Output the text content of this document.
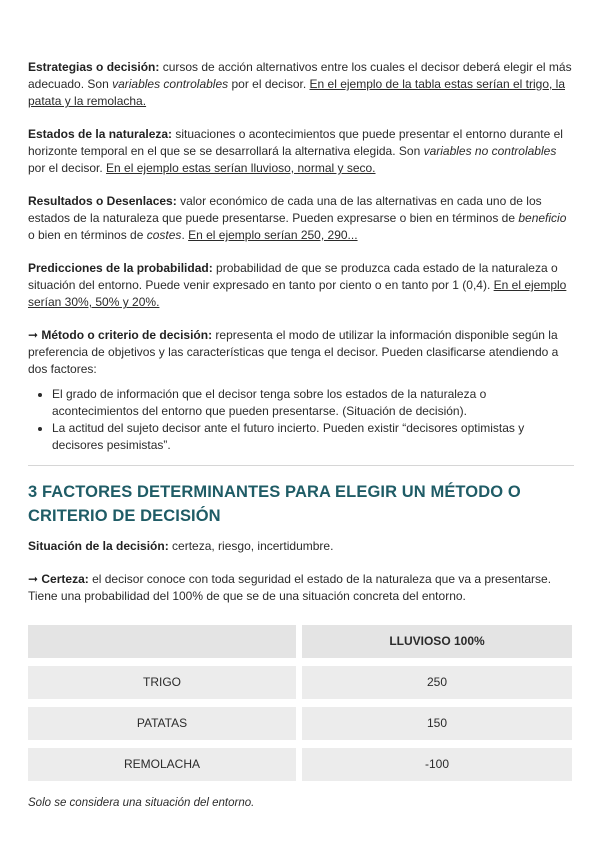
Estrategias o decisión: cursos de acción alternativos entre los cuales el decisor deberá elegir el más adecuado. Son variables controlables por el decisor. En el ejemplo de la tabla estas serían el trigo, la patata y la remolacha.

Estados de la naturaleza: situaciones o acontecimientos que puede presentar el entorno durante el horizonte temporal en el que se se desarrollará la alternativa elegida. Son variables no controlables por el decisor. En el ejemplo estas serían lluvioso, normal y seco.

Resultados o Desenlaces: valor económico de cada una de las alternativas en cada uno de los estados de la naturaleza que puede presentarse. Pueden expresarse o bien en términos de beneficio o bien en términos de costes. En el ejemplo serían 250, 290...

Predicciones de la probabilidad: probabilidad de que se produzca cada estado de la naturaleza o situación del entorno. Puede venir expresado en tanto por ciento o en tanto por 1 (0,4). En el ejemplo serían 30%, 50% y 20%.

➞ Método o criterio de decisión: representa el modo de utilizar la información disponible según la preferencia de objetivos y las características que tenga el decisor. Pueden clasificarse atendiendo a dos factores:

• El grado de información que el decisor tenga sobre los estados de la naturaleza o acontecimientos del entorno que pueden presentarse. (Situación de decisión).
• La actitud del sujeto decisor ante el futuro incierto. Pueden existir “decisores optimistas y decisores pesimistas”.
3 FACTORES DETERMINANTES PARA ELEGIR UN MÉTODO O CRITERIO DE DECISIÓN

Situación de la decisión: certeza, riesgo, incertidumbre.

➞ Certeza: el decisor conoce con toda seguridad el estado de la naturaleza que va a presentarse. Tiene una probabilidad del 100% de que se de una situación concreta del entorno.

		LLUVIOSO 100%
TRIGO		250
PATATAS		150
REMOLACHA		-100

Solo se considera una situación del entorno.
